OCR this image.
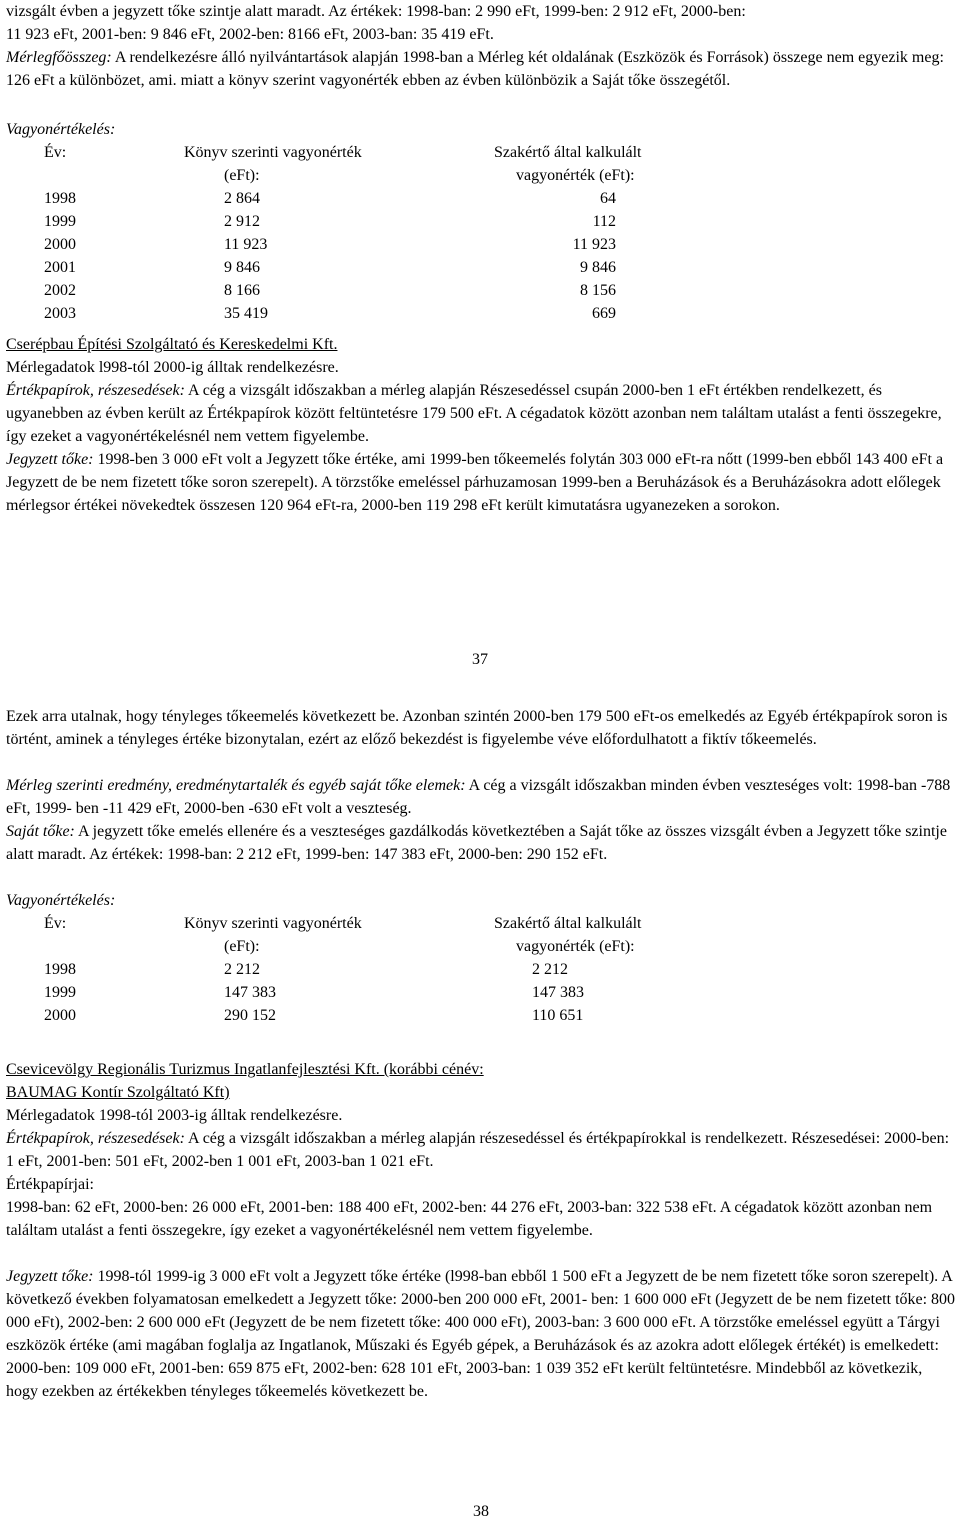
vizsgált évben a jegyzett tőke szintje alatt maradt. Az értékek: 1998-ban: 2 990 eFt, 1999-ben: 2 912 eFt, 2000-ben:
11 923 eFt, 2001-ben: 9 846 eFt, 2002-ben: 8166 eFt, 2003-ban: 35 419 eFt.

Mérlegfőösszeg: A rendelkezésre álló nyilvántartások alapján 1998-ban a Mérleg két oldalának (Eszközök és Források) összege nem egyezik meg: 126 eFt a különbözet, ami. miatt a könyv szerint vagyonérték ebben az évben különbözik a Saját tőke összegétől.

Vagyonértékelés:

Év:	Könyv szerinti vagyonérték	Szakértő által kalkulált
	(eFt):	vagyonérték (eFt):
1998	2 864	64
1999	2 912	112
2000	11 923	11 923
2001	9 846	9 846
2002	8 166	8 156
2003	35 419	669

Cserépbau Építési Szolgáltató és Kereskedelmi Kft.

Mérlegadatok l998-tól 2000-ig álltak rendelkezésre.

Értékpapírok, részesedések: A cég a vizsgált időszakban a mérleg alapján Részesedéssel csupán 2000-ben 1 eFt értékben rendelkezett, és ugyanebben az évben került az Értékpapírok között feltüntetésre 179 500 eFt. A cégadatok között azonban nem találtam utalást a fenti összegekre, így ezeket a vagyonértékelésnél nem vettem figyelembe.

Jegyzett tőke: 1998-ben 3 000 eFt volt a Jegyzett tőke értéke, ami 1999-ben tőkeemelés folytán 303 000 eFt-ra nőtt (1999-ben ebből 143 400 eFt a Jegyzett de be nem fizetett tőke soron szerepelt). A törzstőke emeléssel párhuzamosan 1999-ben a Beruházások és a Beruházásokra adott előlegek mérlegsor értékei növekedtek összesen 120 964 eFt-ra, 2000-ben 119 298 eFt került kimutatásra ugyanezeken a sorokon.

37

Ezek arra utalnak, hogy tényleges tőkeemelés következett be. Azonban szintén 2000-ben 179 500 eFt-os emelkedés az Egyéb értékpapírok soron is történt, aminek a tényleges értéke bizonytalan, ezért az előző bekezdést is figyelembe véve előfordulhatott a fiktív tőkeemelés.

Mérleg szerinti eredmény, eredménytartalék és egyéb saját tőke elemek: A cég a vizsgált időszakban minden évben veszteséges volt: 1998-ban -788 eFt, 1999- ben -11 429 eFt, 2000-ben -630 eFt volt a veszteség.

Saját tőke: A jegyzett tőke emelés ellenére és a veszteséges gazdálkodás következtében a Saját tőke az összes vizsgált évben a Jegyzett tőke szintje alatt maradt. Az értékek: 1998-ban: 2 212 eFt, 1999-ben: 147 383 eFt, 2000-ben: 290 152 eFt.

Vagyonértékelés:

Év:	Könyv szerinti vagyonérték	Szakértő által kalkulált
	(eFt):	vagyonérték (eFt):
1998	2 212	2 212
1999	147 383	147 383
2000	290 152	110 651

Csevicevölgy Regionális Turizmus Ingatlanfejlesztési Kft. (korábbi cénév:
BAUMAG Kontír Szolgáltató Kft)

Mérlegadatok 1998-tól 2003-ig álltak rendelkezésre.

Értékpapírok, részesedések: A cég a vizsgált időszakban a mérleg alapján részesedéssel és értékpapírokkal is rendelkezett. Részesedései: 2000-ben: 1 eFt, 2001-ben: 501 eFt, 2002-ben 1 001 eFt, 2003-ban 1 021 eFt.

Értékpapírjai:

1998-ban: 62 eFt, 2000-ben: 26 000 eFt, 2001-ben: 188 400 eFt, 2002-ben: 44 276 eFt, 2003-ban: 322 538 eFt. A cégadatok között azonban nem találtam utalást a fenti összegekre, így ezeket a vagyonértékelésnél nem vettem figyelembe.

Jegyzett tőke: 1998-tól 1999-ig 3 000 eFt volt a Jegyzett tőke értéke (l998-ban ebből 1 500 eFt a Jegyzett de be nem fizetett tőke soron szerepelt). A következő években folyamatosan emelkedett a Jegyzett tőke: 2000-ben 200 000 eFt, 2001- ben: 1 600 000 eFt (Jegyzett de be nem fizetett tőke: 800 000 eFt), 2002-ben: 2 600 000 eFt (Jegyzett de be nem fizetett tőke: 400 000 eFt), 2003-ban: 3 600 000 eFt. A törzstőke emeléssel együtt a Tárgyi eszközök értéke (ami magában foglalja az Ingatlanok, Műszaki és Egyéb gépek, a Beruházások és az azokra adott előlegek értékét) is emelkedett: 2000-ben: 109 000 eFt, 2001-ben: 659 875 eFt, 2002-ben: 628 101 eFt, 2003-ban: 1 039 352 eFt került feltüntetésre. Mindebből az következik, hogy ezekben az értékekben tényleges tőkeemelés következett be.

38
